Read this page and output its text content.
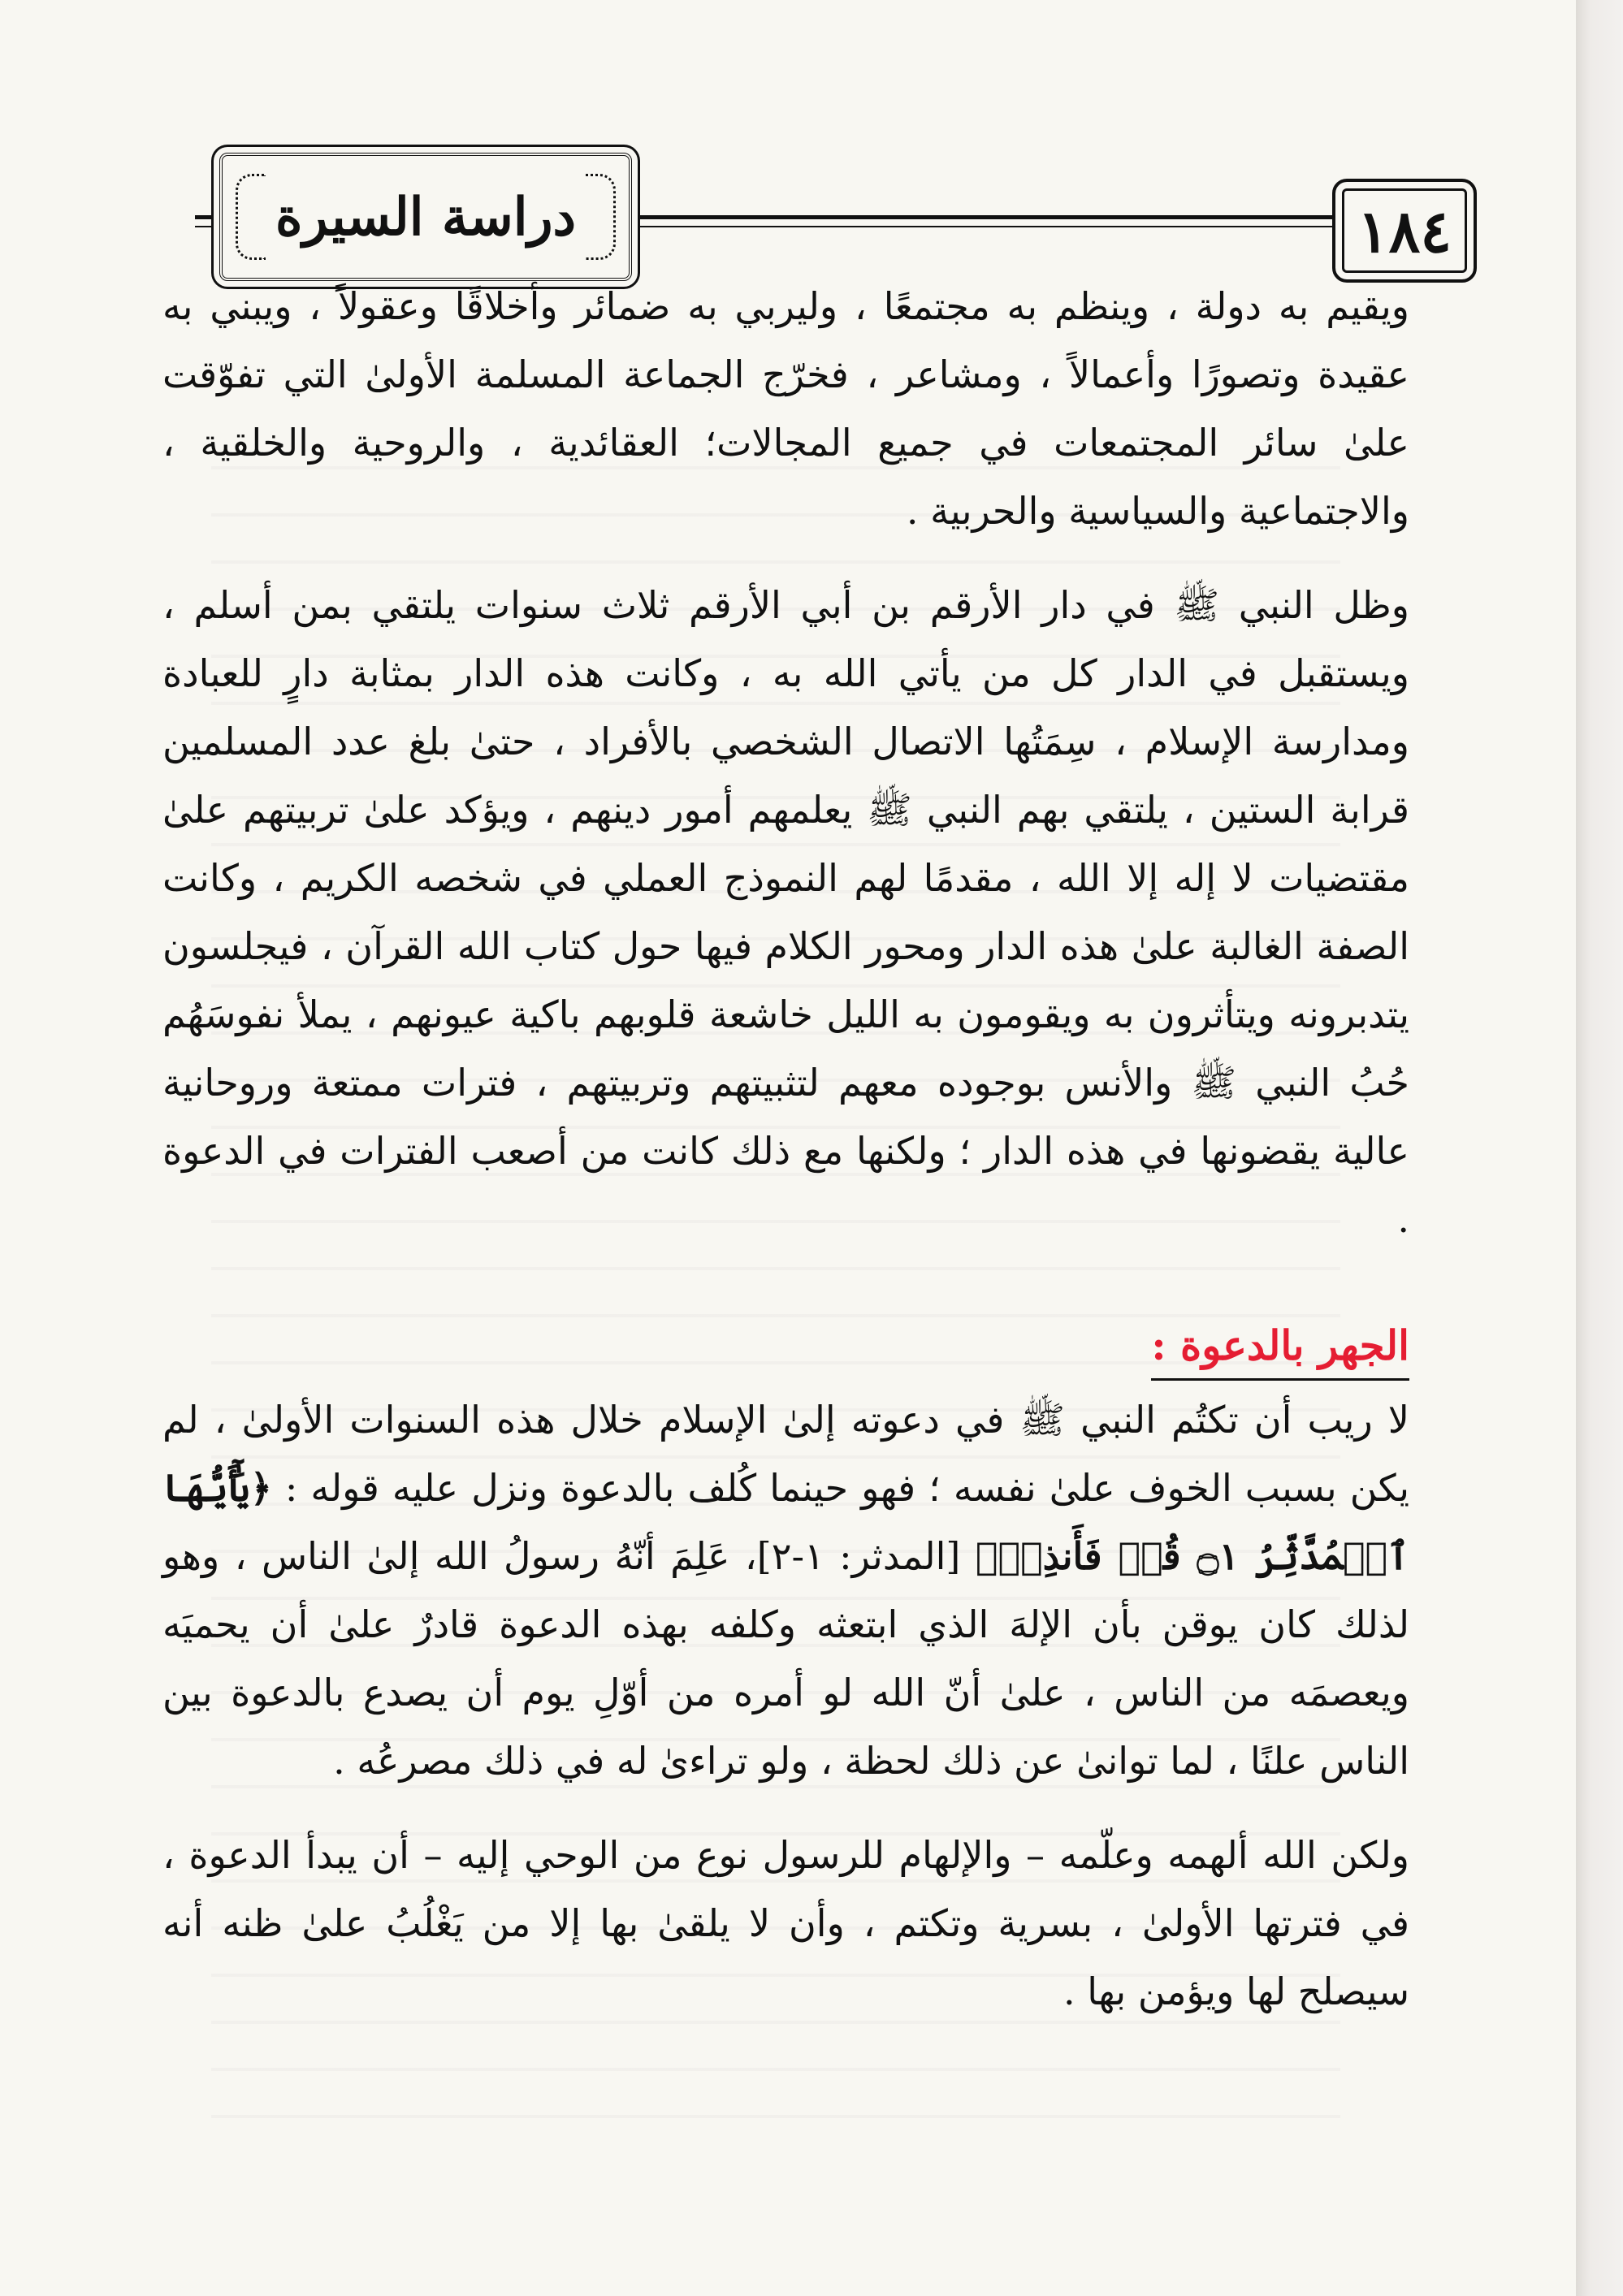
دراسة السيرة	١٨٤

ويقيم به دولة ، وينظم به مجتمعًا ، وليربي به ضمائر وأخلاقًا وعقولاً ، ويبني به عقيدة وتصورًا وأعمالاً ، ومشاعر ، فخرّج الجماعة المسلمة الأولىٰ التي تفوّقت علىٰ سائر المجتمعات في جميع المجالات؛ العقائدية ، والروحية والخلقية ، والاجتماعية والسياسية والحربية .

وظل النبي ﷺ في دار الأرقم بن أبي الأرقم ثلاث سنوات يلتقي بمن أسلم ، ويستقبل في الدار كل من يأتي الله به ، وكانت هذه الدار بمثابة دارٍ للعبادة ومدارسة الإسلام ، سِمَتُها الاتصال الشخصي بالأفراد ، حتىٰ بلغ عدد المسلمين قرابة الستين ، يلتقي بهم النبي ﷺ يعلمهم أمور دينهم ، ويؤكد علىٰ تربيتهم علىٰ مقتضيات لا إله إلا الله ، مقدمًا لهم النموذج العملي في شخصه الكريم ، وكانت الصفة الغالبة علىٰ هذه الدار ومحور الكلام فيها حول كتاب الله القرآن ، فيجلسون يتدبرونه ويتأثرون به ويقومون به الليل خاشعة قلوبهم باكية عيونهم ، يملأ نفوسَهُم حُبُ النبي ﷺ والأنس بوجوده معهم لتثبيتهم وتربيتهم ، فترات ممتعة وروحانية عالية يقضونها في هذه الدار ؛ ولكنها مع ذلك كانت من أصعب الفترات في الدعوة .

الجهر بالدعوة :

لا ريب أن تكتُم النبي ﷺ في دعوته إلىٰ الإسلام خلال هذه السنوات الأولىٰ ، لم يكن بسبب الخوف علىٰ نفسه ؛ فهو حينما كُلف بالدعوة ونزل عليه قوله : ﴿يَٰٓأَيُّهَا ٱلۡمُدَّثِّرُ ۝١ قُمۡ فَأَنذِرۡ﴾ [المدثر: ١-٢]، عَلِمَ أنّهُ رسولُ الله إلىٰ الناس ، وهو لذلك كان يوقن بأن الإلهَ الذي ابتعثه وكلفه بهذه الدعوة قادرٌ علىٰ أن يحميَه ويعصمَه من الناس ، علىٰ أنّ الله لو أمره من أوّلِ يوم أن يصدع بالدعوة بين الناس علنًا ، لما توانىٰ عن ذلك لحظة ، ولو تراءىٰ له في ذلك مصرعُه .

ولكن الله ألهمه وعلّمه – والإلهام للرسول نوع من الوحي إليه – أن يبدأ الدعوة ، في فترتها الأولىٰ ، بسرية وتكتم ، وأن لا يلقىٰ بها إلا من يَغْلُبُ علىٰ ظنه أنه سيصلح لها ويؤمن بها .
